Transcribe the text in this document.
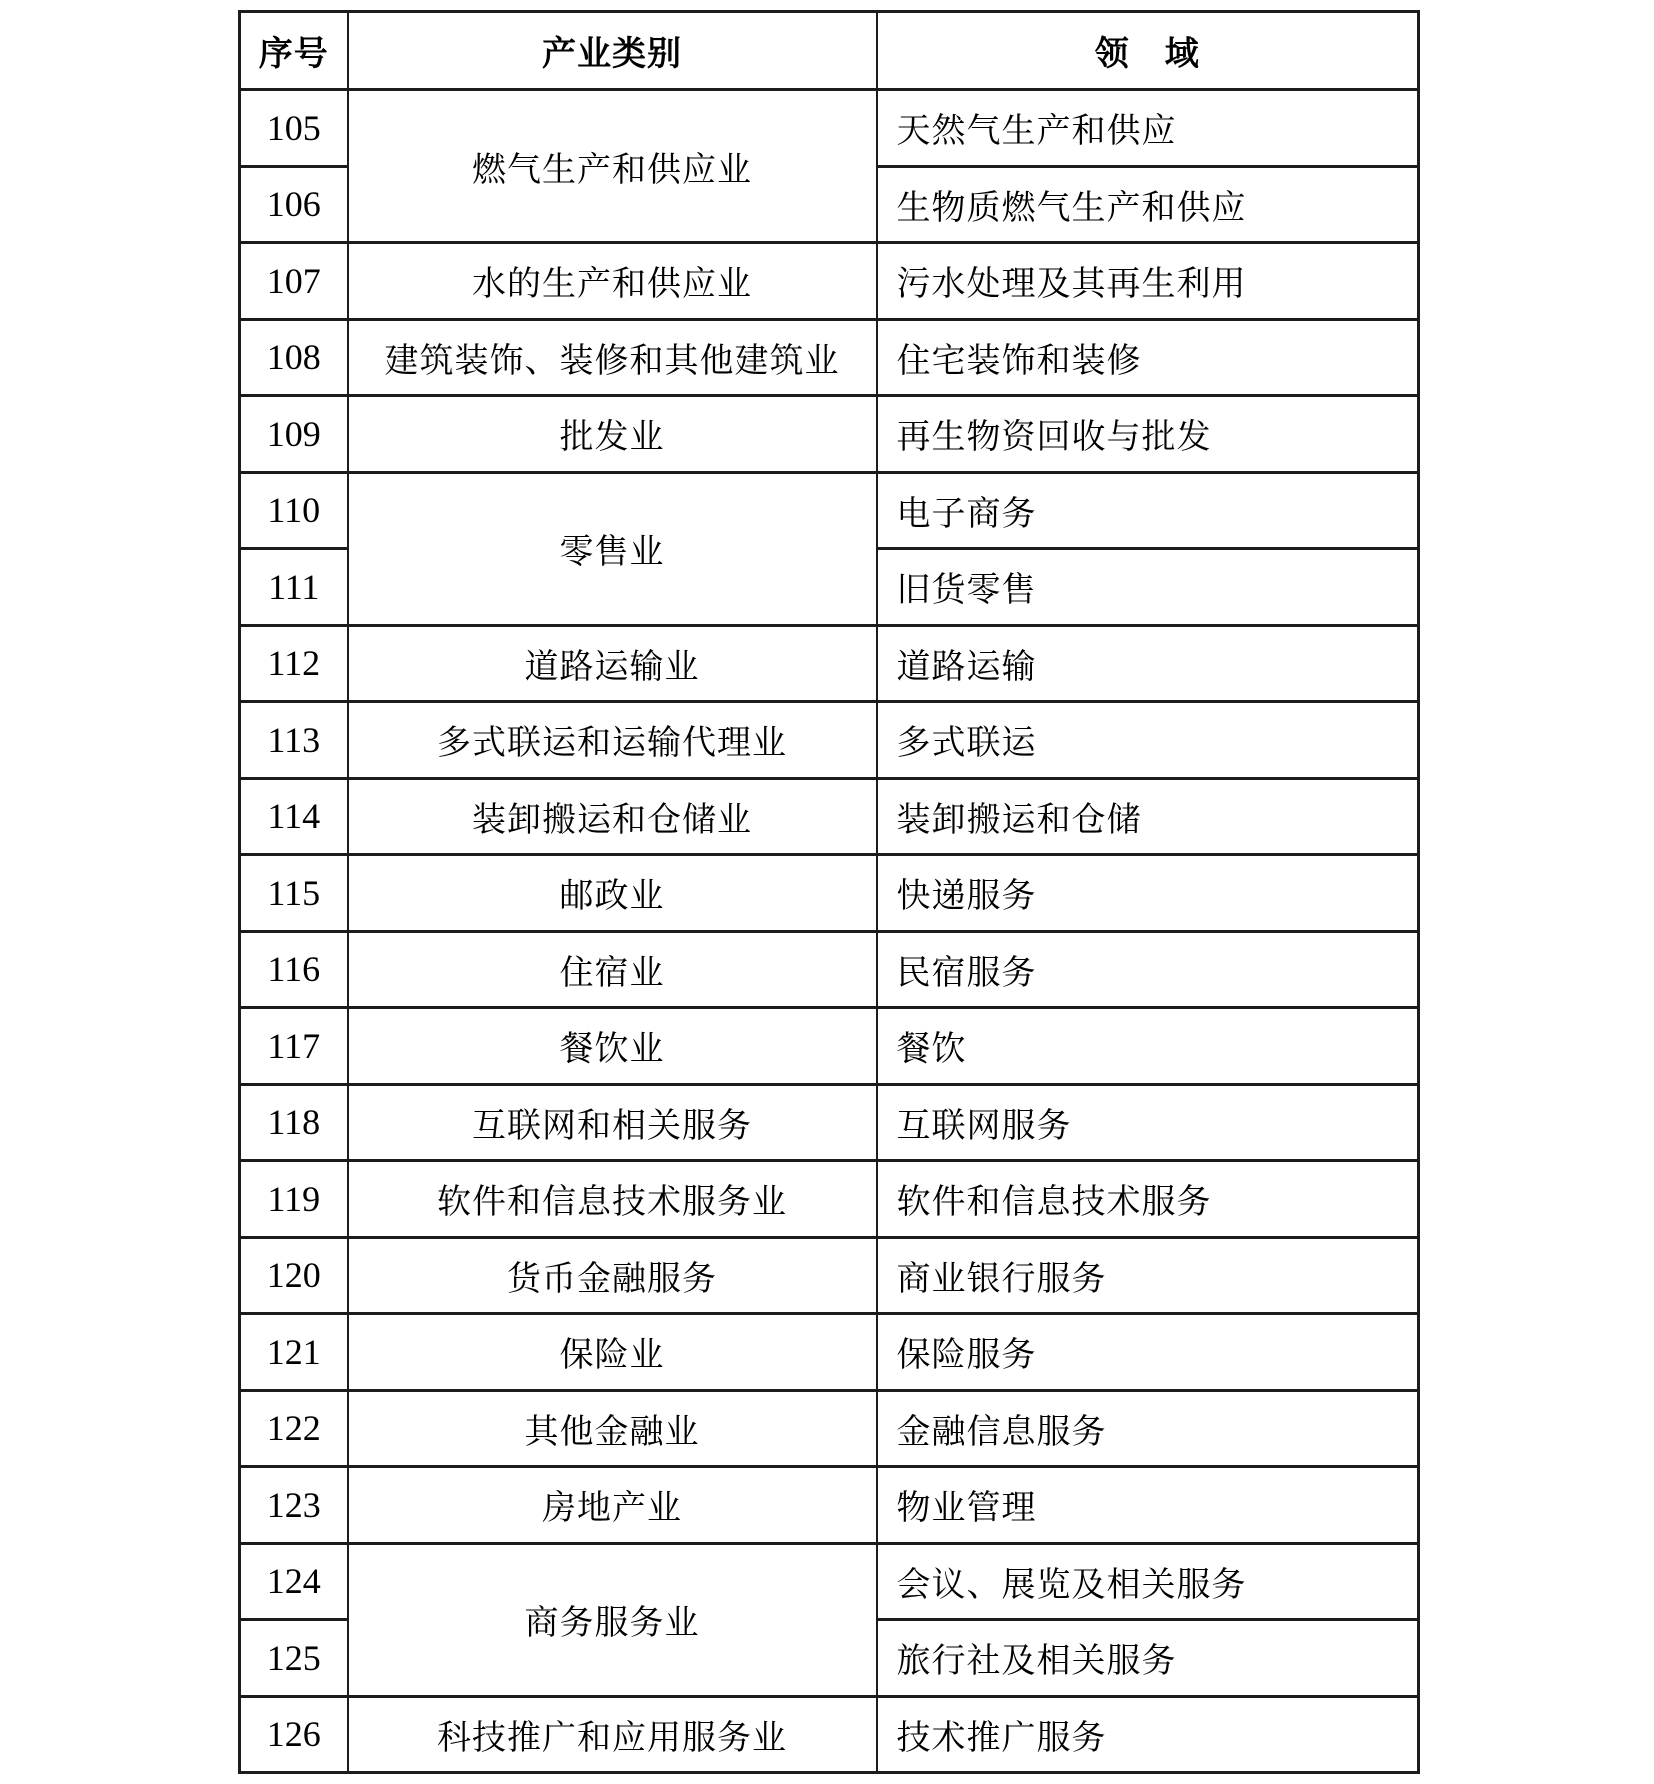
序号	产业类别	领　域
105	燃气生产和供应业	天然气生产和供应
106		生物质燃气生产和供应
107	水的生产和供应业	污水处理及其再生利用
108	建筑装饰、装修和其他建筑业	住宅装饰和装修
109	批发业	再生物资回收与批发
110	零售业	电子商务
111		旧货零售
112	道路运输业	道路运输
113	多式联运和运输代理业	多式联运
114	装卸搬运和仓储业	装卸搬运和仓储
115	邮政业	快递服务
116	住宿业	民宿服务
117	餐饮业	餐饮
118	互联网和相关服务	互联网服务
119	软件和信息技术服务业	软件和信息技术服务
120	货币金融服务	商业银行服务
121	保险业	保险服务
122	其他金融业	金融信息服务
123	房地产业	物业管理
124	商务服务业	会议、展览及相关服务
125		旅行社及相关服务
126	科技推广和应用服务业	技术推广服务
